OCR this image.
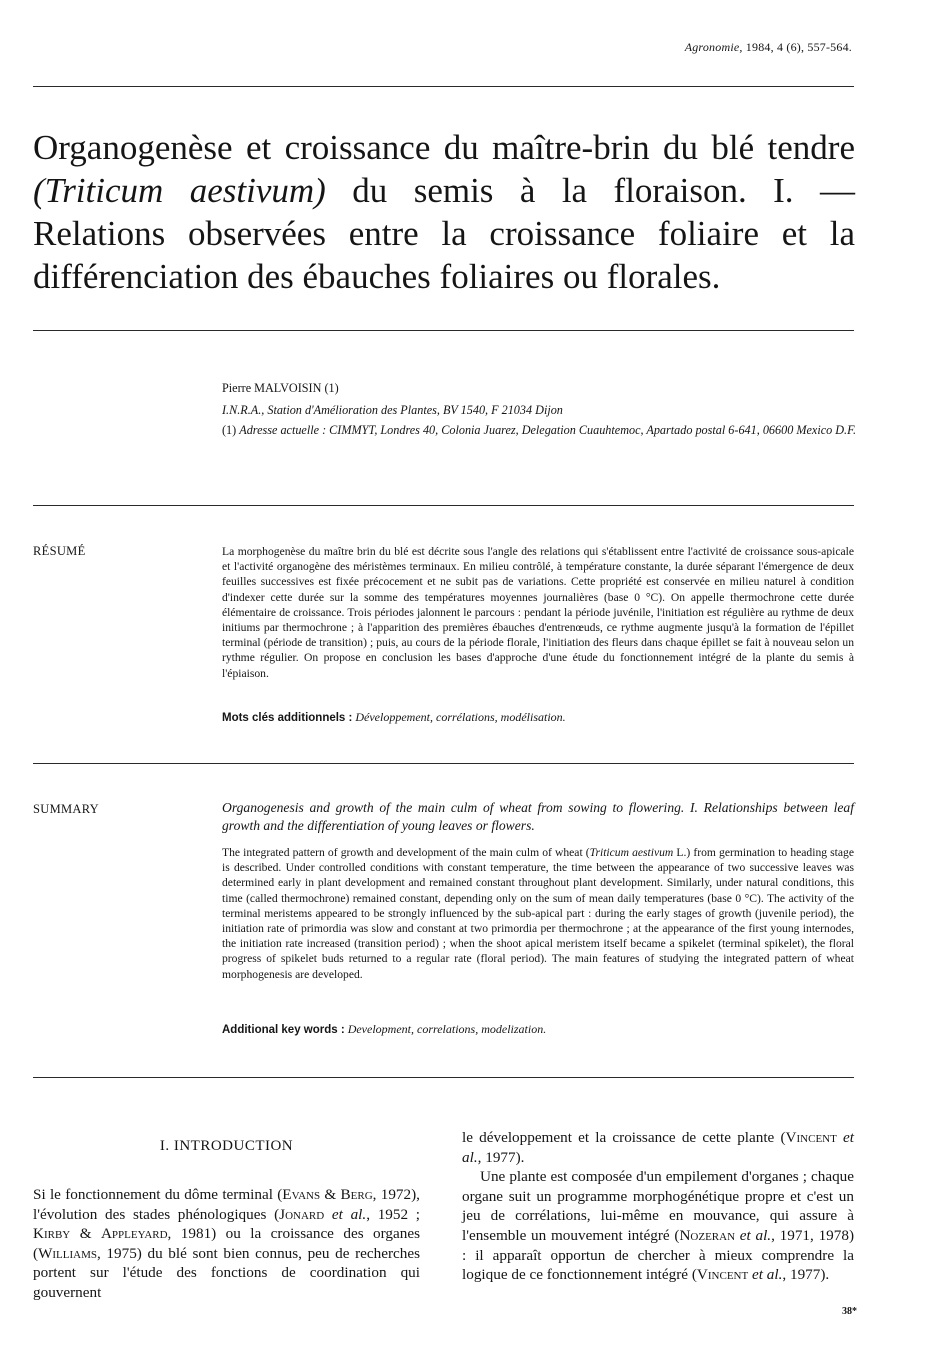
Agronomie, 1984, 4 (6), 557-564.
Organogenèse et croissance du maître-brin du blé tendre
(Triticum aestivum) du semis à la floraison. I. —
Relations observées entre la croissance foliaire et la
différenciation des ébauches foliaires ou florales.
Pierre MALVOISIN (1)
I.N.R.A., Station d'Amélioration des Plantes, BV 1540, F 21034 Dijon
(1) Adresse actuelle : CIMMYT, Londres 40, Colonia Juarez, Delegation Cuauhtemoc, Apartado postal 6-641, 06600 Mexico D.F.
RÉSUMÉ	La morphogenèse du maître brin du blé est décrite sous l'angle des relations qui s'établissent entre l'activité de croissance sous-apicale et l'activité organogène des méristèmes terminaux. En milieu contrôlé, à température constante, la durée séparant l'émergence de deux feuilles successives est fixée précocement et ne subit pas de variations. Cette propriété est conservée en milieu naturel à condition d'indexer cette durée sur la somme des températures moyennes journalières (base 0 °C). On appelle thermochrone cette durée élémentaire de croissance. Trois périodes jalonnent le parcours : pendant la période juvénile, l'initiation est régulière au rythme de deux initiums par thermochrone ; à l'apparition des premières ébauches d'entrenœuds, ce rythme augmente jusqu'à la formation de l'épillet terminal (période de transition) ; puis, au cours de la période florale, l'initiation des fleurs dans chaque épillet se fait à nouveau selon un rythme régulier. On propose en conclusion les bases d'approche d'une étude du fonctionnement intégré de la plante du semis à l'épiaison.
Mots clés additionnels : Développement, corrélations, modélisation.
SUMMARY	Organogenesis and growth of the main culm of wheat from sowing to flowering. I. Relationships between leaf growth and the differentiation of young leaves or flowers.
The integrated pattern of growth and development of the main culm of wheat (Triticum aestivum L.) from germination to heading stage is described. Under controlled conditions with constant temperature, the time between the appearance of two successive leaves was determined early in plant development and remained constant throughout plant development. Similarly, under natural conditions, this time (called thermochrone) remained constant, depending only on the sum of mean daily temperatures (base 0 °C). The activity of the terminal meristems appeared to be strongly influenced by the sub-apical part : during the early stages of growth (juvenile period), the initiation rate of primordia was slow and constant at two primordia per thermochrone ; at the appearance of the first young internodes, the initiation rate increased (transition period) ; when the shoot apical meristem itself became a spikelet (terminal spikelet), the floral progress of spikelet buds returned to a regular rate (floral period). The main features of studying the integrated pattern of wheat morphogenesis are developed.
Additional key words : Development, correlations, modelization.
I. INTRODUCTION
Si le fonctionnement du dôme terminal (Evans & Berg, 1972), l'évolution des stades phénologiques (Jonard et al., 1952 ; Kirby & Appleyard, 1981) ou la croissance des organes (Williams, 1975) du blé sont bien connus, peu de recherches portent sur l'étude des fonctions de coordination qui gouvernent
le développement et la croissance de cette plante (Vincent et al., 1977).
Une plante est composée d'un empilement d'organes ; chaque organe suit un programme morphogénétique propre et c'est un jeu de corrélations, lui-même en mouvance, qui assure à l'ensemble un mouvement intégré (Nozeran et al., 1971, 1978) : il apparaît opportun de chercher à mieux comprendre la logique de ce fonctionnement intégré (Vincent et al., 1977).
38*
